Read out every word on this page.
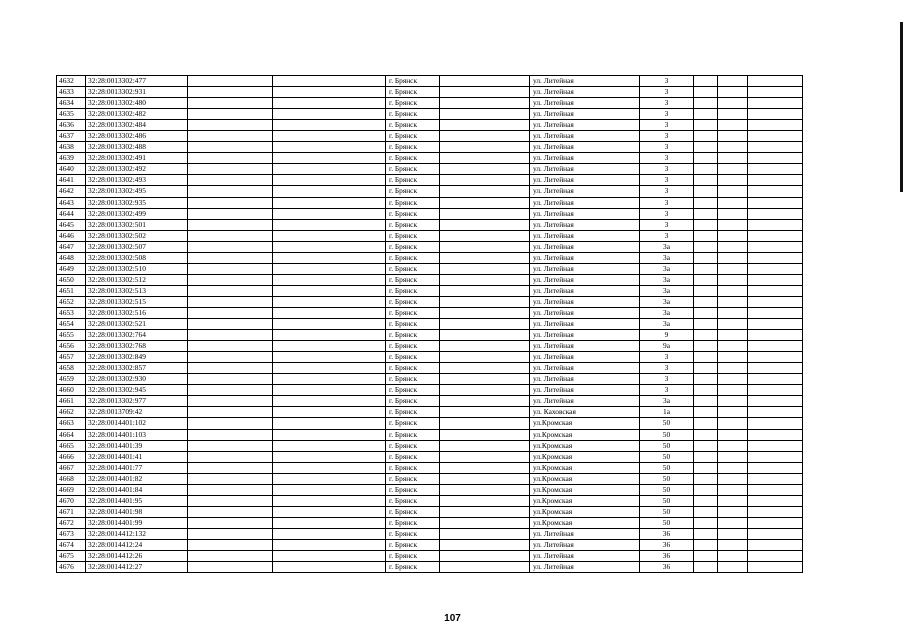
4632	32:28:0013302:477			г. Брянск		ул. Литейная	3			
4633	32:28:0013302:931			г. Брянск		ул. Литейная	3			
4634	32:28:0013302:480			г. Брянск		ул. Литейная	3			
4635	32:28:0013302:482			г. Брянск		ул. Литейная	3			
4636	32:28:0013302:484			г. Брянск		ул. Литейная	3			
4637	32:28:0013302:486			г. Брянск		ул. Литейная	3			
4638	32:28:0013302:488			г. Брянск		ул. Литейная	3			
4639	32:28:0013302:491			г. Брянск		ул. Литейная	3			
4640	32:28:0013302:492			г. Брянск		ул. Литейная	3			
4641	32:28:0013302:493			г. Брянск		ул. Литейная	3			
4642	32:28:0013302:495			г. Брянск		ул. Литейная	3			
4643	32:28:0013302:935			г. Брянск		ул. Литейная	3			
4644	32:28:0013302:499			г. Брянск		ул. Литейная	3			
4645	32:28:0013302:501			г. Брянск		ул. Литейная	3			
4646	32:28:0013302:502			г. Брянск		ул. Литейная	3			
4647	32:28:0013302:507			г. Брянск		ул. Литейная	3а			
4648	32:28:0013302:508			г. Брянск		ул. Литейная	3а			
4649	32:28:0013302:510			г. Брянск		ул. Литейная	3а			
4650	32:28:0013302:512			г. Брянск		ул. Литейная	3а			
4651	32:28:0013302:513			г. Брянск		ул. Литейная	3а			
4652	32:28:0013302:515			г. Брянск		ул. Литейная	3а			
4653	32:28:0013302:516			г. Брянск		ул. Литейная	3а			
4654	32:28:0013302:521			г. Брянск		ул. Литейная	3а			
4655	32:28:0013302:764			г. Брянск		ул. Литейная	9			
4656	32:28:0013302:768			г. Брянск		ул. Литейная	9а			
4657	32:28:0013302:849			г. Брянск		ул. Литейная	3			
4658	32:28:0013302:857			г. Брянск		ул. Литейная	3			
4659	32:28:0013302:930			г. Брянск		ул. Литейная	3			
4660	32:28:0013302:945			г. Брянск		ул. Литейная	3			
4661	32:28:0013302:977			г. Брянск		ул. Литейная	3а			
4662	32:28:0013709:42			г. Брянск		ул. Каховская	1а			
4663	32:28:0014401:102			г. Брянск		ул.Кромская	50			
4664	32:28:0014401:103			г. Брянск		ул.Кромская	50			
4665	32:28:0014401:39			г. Брянск		ул.Кромская	50			
4666	32:28:0014401:41			г. Брянск		ул.Кромская	50			
4667	32:28:0014401:77			г. Брянск		ул.Кромская	50			
4668	32:28:0014401:82			г. Брянск		ул.Кромская	50			
4669	32:28:0014401:84			г. Брянск		ул.Кромская	50			
4670	32:28:0014401:95			г. Брянск		ул.Кромская	50			
4671	32:28:0014401:98			г. Брянск		ул.Кромская	50			
4672	32:28:0014401:99			г. Брянск		ул.Кромская	50			
4673	32:28:0014412:132			г. Брянск		ул. Литейная	36			
4674	32:28:0014412:24			г. Брянск		ул. Литейная	36			
4675	32:28:0014412:26			г. Брянск		ул. Литейная	36			
4676	32:28:0014412:27			г. Брянск		ул. Литейная	36			
107
